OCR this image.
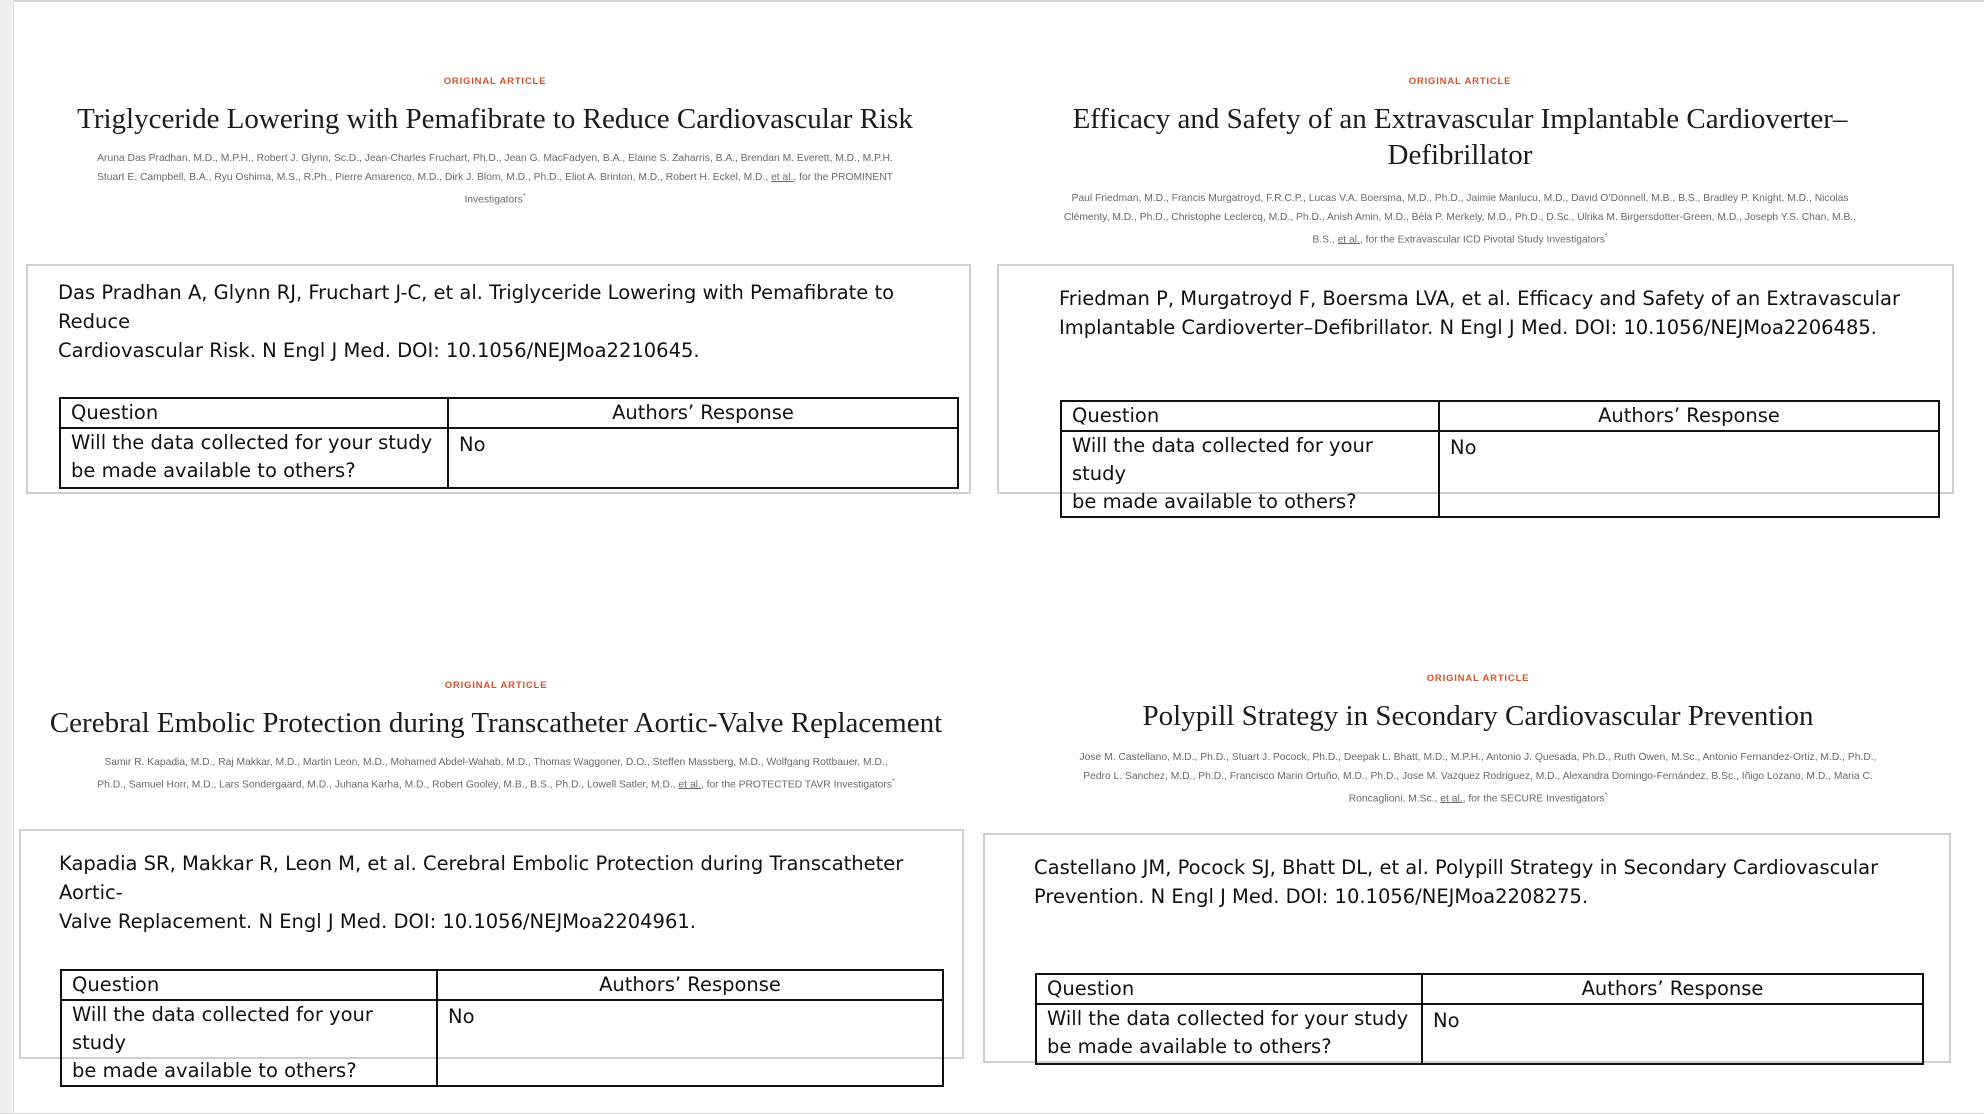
ORIGINAL ARTICLE
Triglyceride Lowering with Pemafibrate to Reduce Cardiovascular Risk
Aruna Das Pradhan, M.D., M.P.H., Robert J. Glynn, Sc.D., Jean-Charles Fruchart, Ph.D., Jean G. MacFadyen, B.A., Elaine S. Zaharris, B.A., Brendan M. Everett, M.D., M.P.H.
Stuart E. Campbell, B.A., Ryu Oshima, M.S., R.Ph., Pierre Amarenco, M.D., Dirk J. Blom, M.D., Ph.D., Eliot A. Brinton, M.D., Robert H. Eckel, M.D., et al., for the PROMINENT
Investigators*
Das Pradhan A, Glynn RJ, Fruchart J-C, et al. Triglyceride Lowering with Pemafibrate to Reduce
Cardiovascular Risk. N Engl J Med. DOI: 10.1056/NEJMoa2210645.
Question	Authors’ Response

Will the data collected for your study
be made available to others?	No
ORIGINAL ARTICLE
Efficacy and Safety of an Extravascular Implantable Cardioverter–
Defibrillator
Paul Friedman, M.D., Francis Murgatroyd, F.R.C.P., Lucas V.A. Boersma, M.D., Ph.D., Jaimie Manlucu, M.D., David O’Donnell, M.B., B.S., Bradley P. Knight, M.D., Nicolas
Clémenty, M.D., Ph.D., Christophe Leclercq, M.D., Ph.D., Anish Amin, M.D., Béla P. Merkely, M.D., Ph.D., D.Sc., Ulrika M. Birgersdotter-Green, M.D., Joseph Y.S. Chan, M.B.,
B.S., et al., for the Extravascular ICD Pivotal Study Investigators*
Friedman P, Murgatroyd F, Boersma LVA, et al. Efficacy and Safety of an Extravascular
Implantable Cardioverter–Defibrillator. N Engl J Med. DOI: 10.1056/NEJMoa2206485.
Question	Authors’ Response

Will the data collected for your study
be made available to others?	No
ORIGINAL ARTICLE
Cerebral Embolic Protection during Transcatheter Aortic-Valve Replacement
Samir R. Kapadia, M.D., Raj Makkar, M.D., Martin Leon, M.D., Mohamed Abdel-Wahab, M.D., Thomas Waggoner, D.O., Steffen Massberg, M.D., Wolfgang Rottbauer, M.D.,
Ph.D., Samuel Horr, M.D., Lars Sondergaard, M.D., Juhana Karha, M.D., Robert Gooley, M.B., B.S., Ph.D., Lowell Satler, M.D., et al., for the PROTECTED TAVR Investigators*
Kapadia SR, Makkar R, Leon M, et al. Cerebral Embolic Protection during Transcatheter Aortic-
Valve Replacement. N Engl J Med. DOI: 10.1056/NEJMoa2204961.
Question	Authors’ Response

Will the data collected for your study
be made available to others?	No
ORIGINAL ARTICLE
Polypill Strategy in Secondary Cardiovascular Prevention
Jose M. Castellano, M.D., Ph.D., Stuart J. Pocock, Ph.D., Deepak L. Bhatt, M.D., M.P.H., Antonio J. Quesada, Ph.D., Ruth Owen, M.Sc., Antonio Fernandez-Ortiz, M.D., Ph.D.,
Pedro L. Sanchez, M.D., Ph.D., Francisco Marin Ortuño, M.D., Ph.D., Jose M. Vazquez Rodriguez, M.D., Alexandra Domingo-Fernández, B.Sc., Iñigo Lozano, M.D., Maria C.
Roncaglioni, M.Sc., et al., for the SECURE Investigators*
Castellano JM, Pocock SJ, Bhatt DL, et al. Polypill Strategy in Secondary Cardiovascular
Prevention. N Engl J Med. DOI: 10.1056/NEJMoa2208275.
Question	Authors’ Response

Will the data collected for your study
be made available to others?	No
